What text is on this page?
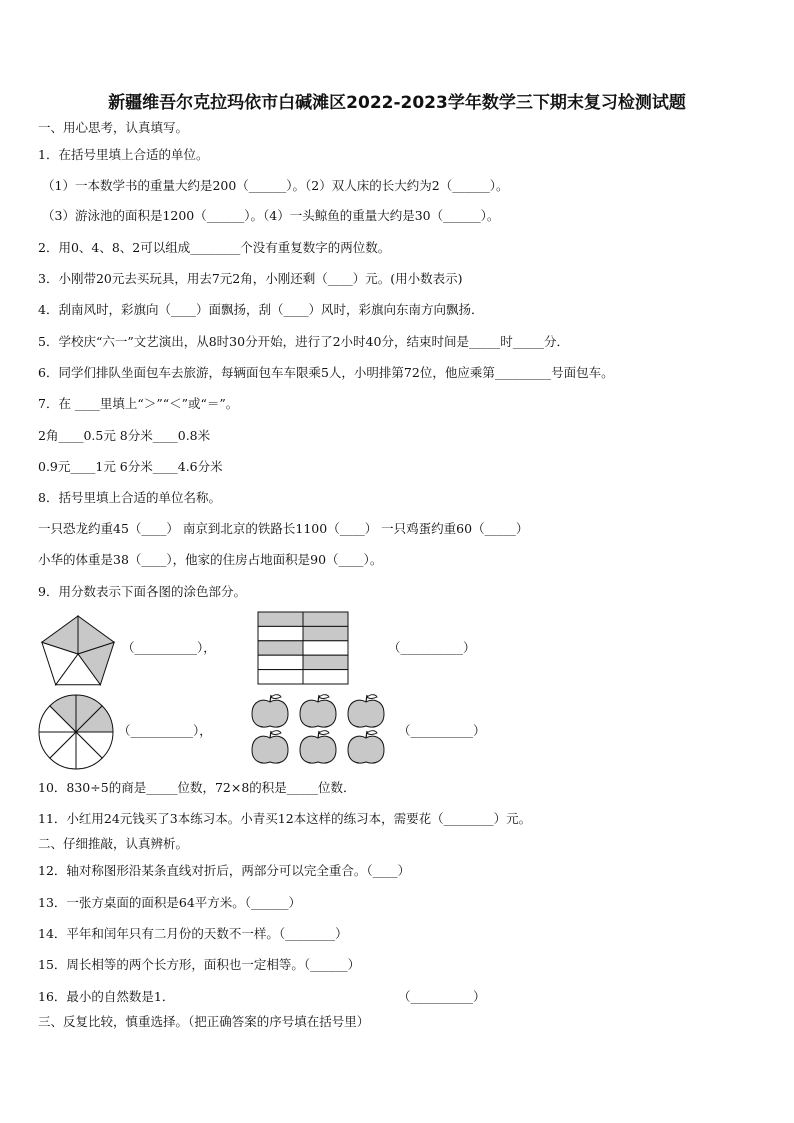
新疆维吾尔克拉玛依市白碱滩区2022-2023学年数学三下期末复习检测试题
一、用心思考，认真填写。
1．在括号里填上合适的单位。
（1）一本数学书的重量大约是200（______）。（2）双人床的长大约为2（______）。
（3）游泳池的面积是1200（______）。（4）一头鲸鱼的重量大约是30（______）。
2．用0、4、8、2可以组成________个没有重复数字的两位数。
3．小刚带20元去买玩具，用去7元2角，小刚还剩（____）元。(用小数表示)
4．刮南风时，彩旗向（____）面飘扬，刮（____）风时，彩旗向东南方向飘扬．
5．学校庆“六一”文艺演出，从8时30分开始，进行了2小时40分，结束时间是_____时_____分．
6．同学们排队坐面包车去旅游，每辆面包车车限乘5人，小明排第72位，他应乘第_________号面包车。
7．在 ____里填上“＞”“＜”或“＝”。
2角____0.5元 8分米____0.8米
0.9元____1元 6分米____4.6分米
8．括号里填上合适的单位名称。
一只恐龙约重45（____） 南京到北京的铁路长1100（____） 一只鸡蛋约重60（_____）
小华的体重是38（____），他家的住房占地面积是90（____）。
9．用分数表示下面各图的涂色部分。
（__________），	（__________）
（__________），	（__________）
10．830÷5的商是_____位数，72×8的积是_____位数．
11．小红用24元钱买了3本练习本。小青买12本这样的练习本，需要花（________）元。
二、仔细推敲，认真辨析。
12．轴对称图形沿某条直线对折后，两部分可以完全重合。（____）
13．一张方桌面的面积是64平方米。（______）
14．平年和闰年只有二月份的天数不一样。（________）
15．周长相等的两个长方形，面积也一定相等。（______）
16．最小的自然数是1．	（__________）
三、反复比较，慎重选择。（把正确答案的序号填在括号里）
